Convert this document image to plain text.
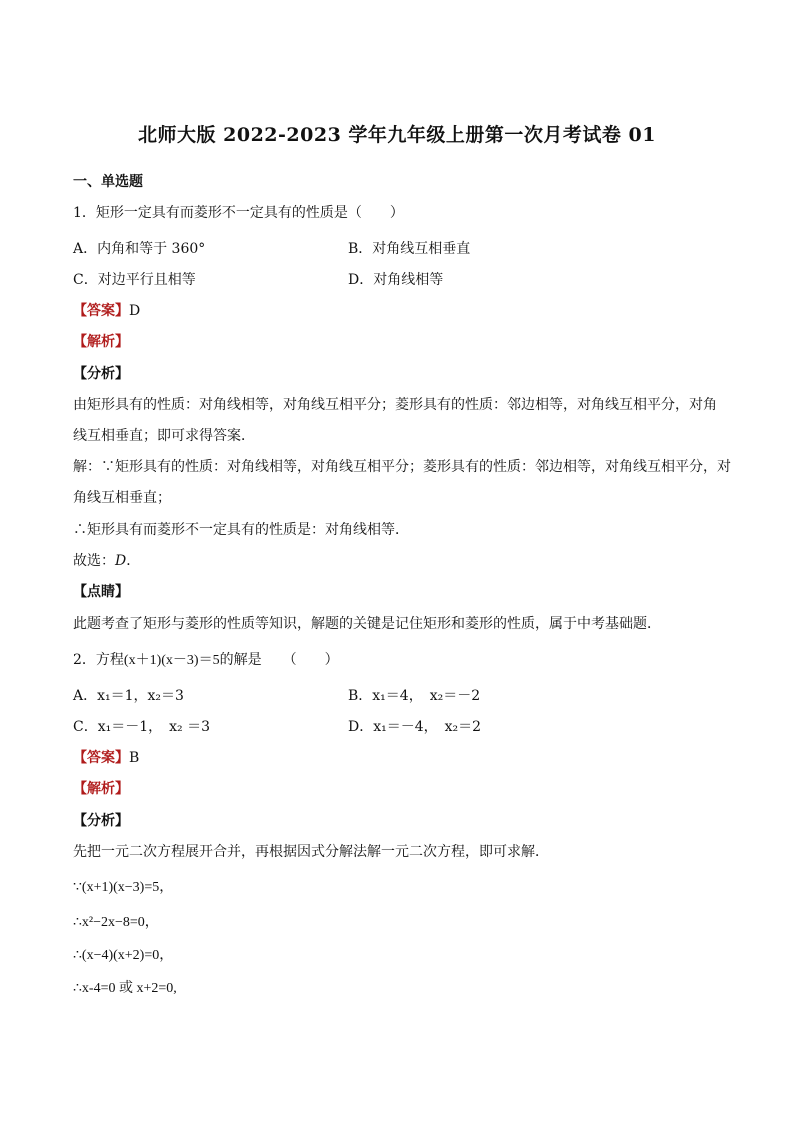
北师大版 2022-2023 学年九年级上册第一次月考试卷 01
一、单选题
1．矩形一定具有而菱形不一定具有的性质是（　　）
A．内角和等于 360°	B．对角线互相垂直
C．对边平行且相等	D．对角线相等
【答案】D
【解析】
【分析】
由矩形具有的性质：对角线相等，对角线互相平分；菱形具有的性质：邻边相等，对角线互相平分，对角
线互相垂直；即可求得答案．
解：∵矩形具有的性质：对角线相等，对角线互相平分；菱形具有的性质：邻边相等，对角线互相平分，对
角线互相垂直；
∴矩形具有而菱形不一定具有的性质是：对角线相等．
故选：D．
【点睛】
此题考查了矩形与菱形的性质等知识，解题的关键是记住矩形和菱形的性质，属于中考基础题．
2．方程(x＋1)(x－3)＝5的解是　　（　　）
A．x₁＝1，x₂＝3	B．x₁＝4，　x₂＝－2
C．x₁＝－1，　x₂ ＝3	D．x₁＝－4，　x₂＝2
【答案】B
【解析】
【分析】
先把一元二次方程展开合并，再根据因式分解法解一元二次方程，即可求解．
∵(x+1)(x−3)=5，
∴x²−2x−8=0，
∴(x−4)(x+2)=0，
∴x-4=0 或 x+2=0,
